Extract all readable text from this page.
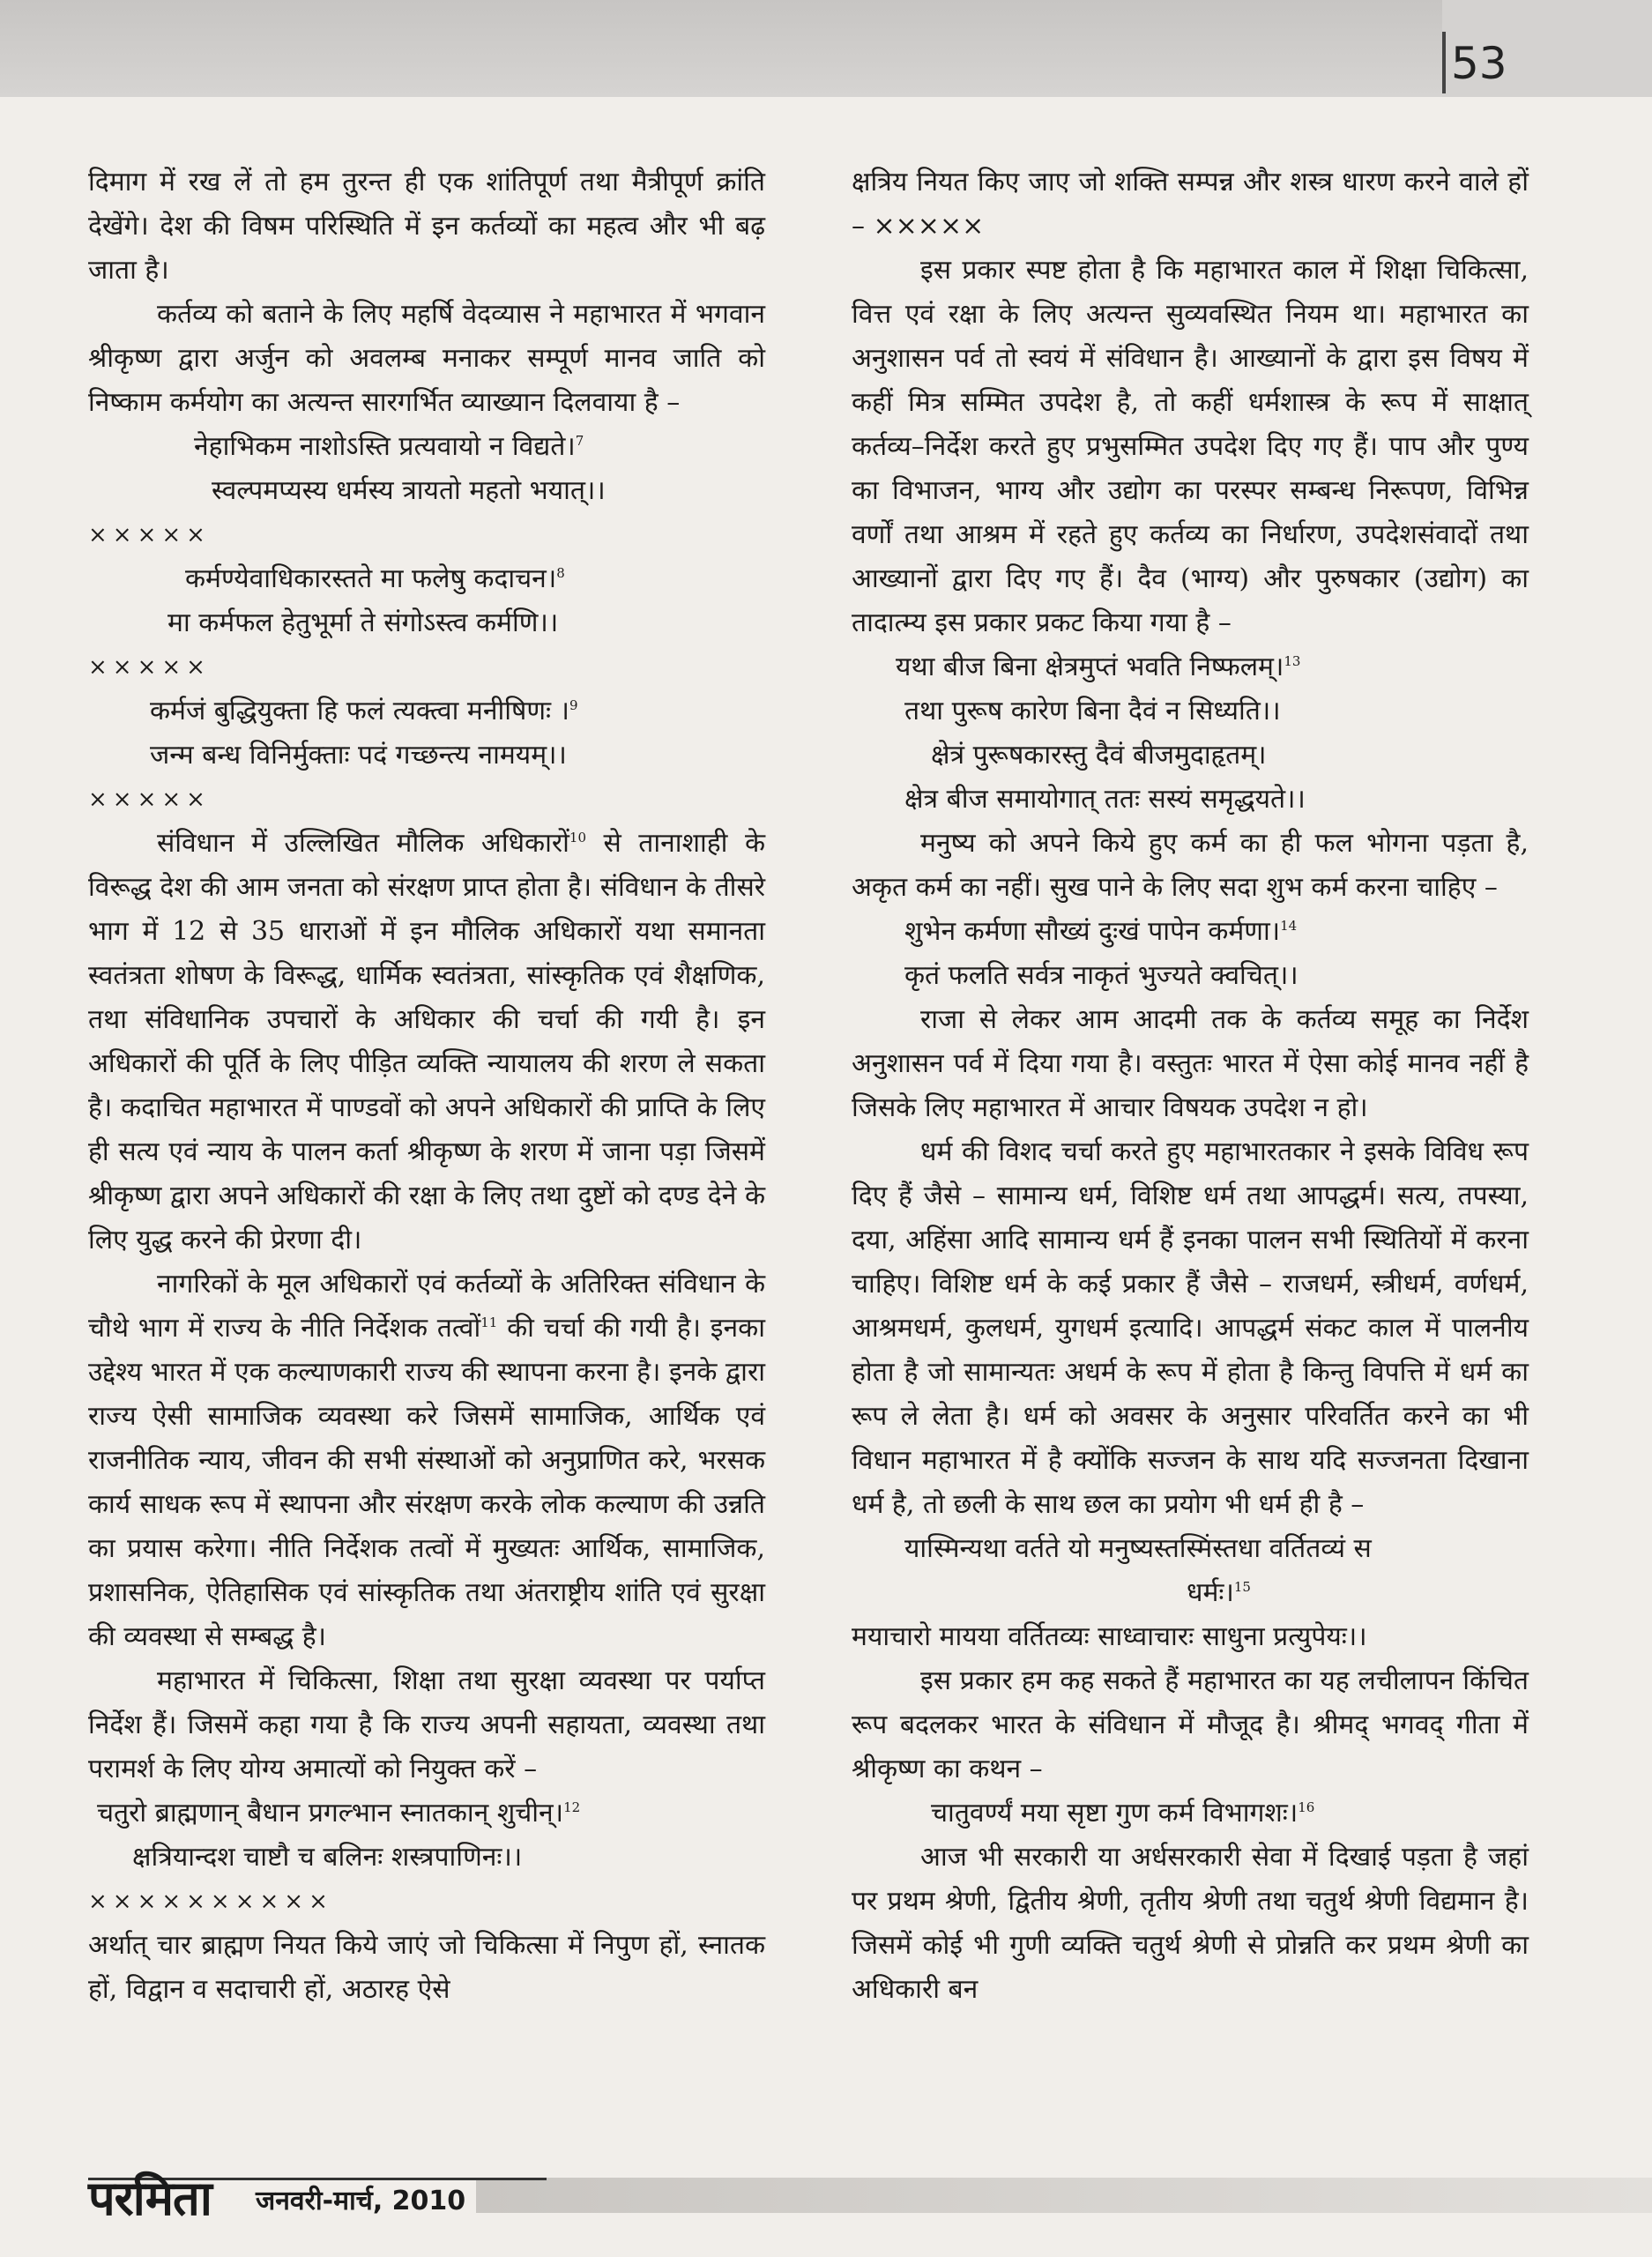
53

दिमाग में रख लें तो हम तुरन्त ही एक शांतिपूर्ण तथा मैत्रीपूर्ण क्रांति देखेंगे। देश की विषम परिस्थिति में इन कर्तव्यों का महत्व और भी बढ़ जाता है।

कर्तव्य को बताने के लिए महर्षि वेदव्यास ने महाभारत में भगवान श्रीकृष्ण द्वारा अर्जुन को अवलम्ब मनाकर सम्पूर्ण मानव जाति को निष्काम कर्मयोग का अत्यन्त सारगर्भित व्याख्यान दिलवाया है –

नेहाभिकम नाशोऽस्ति प्रत्यवायो न विद्यते।$^7$

स्वल्पमप्यस्य धर्मस्य त्रायतो महतो भयात्।।

×××××

कर्मण्येवाधिकारस्तते मा फलेषु कदाचन।$^8$

मा कर्मफल हेतुभूर्मा ते संगोऽस्त्व कर्मणि।।

×××××

कर्मजं बुद्धियुक्ता हि फलं त्यक्त्वा मनीषिणः ।$^9$

जन्म बन्ध विनिर्मुक्ताः पदं गच्छन्त्य नामयम्।।

×××××

संविधान में उल्लिखित मौलिक अधिकारों$^{10}$ से तानाशाही के विरूद्ध देश की आम जनता को संरक्षण प्राप्त होता है। संविधान के तीसरे भाग में 12 से 35 धाराओं में इन मौलिक अधिकारों यथा समानता स्वतंत्रता शोषण के विरूद्ध, धार्मिक स्वतंत्रता, सांस्कृतिक एवं शैक्षणिक, तथा संविधानिक उपचारों के अधिकार की चर्चा की गयी है। इन अधिकारों की पूर्ति के लिए पीड़ित व्यक्ति न्यायालय की शरण ले सकता है। कदाचित महाभारत में पाण्डवों को अपने अधिकारों की प्राप्ति के लिए ही सत्य एवं न्याय के पालन कर्ता श्रीकृष्ण के शरण में जाना पड़ा जिसमें श्रीकृष्ण द्वारा अपने अधिकारों की रक्षा के लिए तथा दुष्टों को दण्ड देने के लिए युद्ध करने की प्रेरणा दी।

नागरिकों के मूल अधिकारों एवं कर्तव्यों के अतिरिक्त संविधान के चौथे भाग में राज्य के नीति निर्देशक तत्वों$^{11}$ की चर्चा की गयी है। इनका उद्देश्य भारत में एक कल्याणकारी राज्य की स्थापना करना है। इनके द्वारा राज्य ऐसी सामाजिक व्यवस्था करे जिसमें सामाजिक, आर्थिक एवं राजनीतिक न्याय, जीवन की सभी संस्थाओं को अनुप्राणित करे, भरसक कार्य साधक रूप में स्थापना और संरक्षण करके लोक कल्याण की उन्नति का प्रयास करेगा। नीति निर्देशक तत्वों में मुख्यतः आर्थिक, सामाजिक, प्रशासनिक, ऐतिहासिक एवं सांस्कृतिक तथा अंतराष्ट्रीय शांति एवं सुरक्षा की व्यवस्था से सम्बद्ध है।

महाभारत में चिकित्सा, शिक्षा तथा सुरक्षा व्यवस्था पर पर्याप्त निर्देश हैं। जिसमें कहा गया है कि राज्य अपनी सहायता, व्यवस्था तथा परामर्श के लिए योग्य अमात्यों को नियुक्त करें –

चतुरो ब्राह्मणान् बैधान प्रगल्भान स्नातकान् शुचीन्।$^{12}$

क्षत्रियान्दश चाष्टौ च बलिनः शस्त्रपाणिनः।।

××××××××××

अर्थात् चार ब्राह्मण नियत किये जाएं जो चिकित्सा में निपुण हों, स्नातक हों, विद्वान व सदाचारी हों, अठारह ऐसे

क्षत्रिय नियत किए जाए जो शक्ति सम्पन्न और शस्त्र धारण करने वाले हों – ×××××

इस प्रकार स्पष्ट होता है कि महाभारत काल में शिक्षा चिकित्सा, वित्त एवं रक्षा के लिए अत्यन्त सुव्यवस्थित नियम था। महाभारत का अनुशासन पर्व तो स्वयं में संविधान है। आख्यानों के द्वारा इस विषय में कहीं मित्र सम्मित उपदेश है, तो कहीं धर्मशास्त्र के रूप में साक्षात् कर्तव्य–निर्देश करते हुए प्रभुसम्मित उपदेश दिए गए हैं। पाप और पुण्य का विभाजन, भाग्य और उद्योग का परस्पर सम्बन्ध निरूपण, विभिन्न वर्णों तथा आश्रम में रहते हुए कर्तव्य का निर्धारण, उपदेशसंवादों तथा आख्यानों द्वारा दिए गए हैं। दैव (भाग्य) और पुरुषकार (उद्योग) का तादात्म्य इस प्रकार प्रकट किया गया है –

यथा बीज बिना क्षेत्रमुप्तं भवति निष्फलम्।$^{13}$

तथा पुरूष कारेण बिना दैवं न सिध्यति।।

क्षेत्रं पुरूषकारस्तु दैवं बीजमुदाहृतम्।

क्षेत्र बीज समायोगात् ततः सस्यं समृद्धयते।।

मनुष्य को अपने किये हुए कर्म का ही फल भोगना पड़ता है, अकृत कर्म का नहीं। सुख पाने के लिए सदा शुभ कर्म करना चाहिए –

शुभेन कर्मणा सौख्यं दुःखं पापेन कर्मणा।$^{14}$

कृतं फलति सर्वत्र नाकृतं भुज्यते क्वचित्।।

राजा से लेकर आम आदमी तक के कर्तव्य समूह का निर्देश अनुशासन पर्व में दिया गया है। वस्तुतः भारत में ऐसा कोई मानव नहीं है जिसके लिए महाभारत में आचार विषयक उपदेश न हो।

धर्म की विशद चर्चा करते हुए महाभारतकार ने इसके विविध रूप दिए हैं जैसे – सामान्य धर्म, विशिष्ट धर्म तथा आपद्धर्म। सत्य, तपस्या, दया, अहिंसा आदि सामान्य धर्म हैं इनका पालन सभी स्थितियों में करना चाहिए। विशिष्ट धर्म के कई प्रकार हैं जैसे – राजधर्म, स्त्रीधर्म, वर्णधर्म, आश्रमधर्म, कुलधर्म, युगधर्म इत्यादि। आपद्धर्म संकट काल में पालनीय होता है जो सामान्यतः अधर्म के रूप में होता है किन्तु विपत्ति में धर्म का रूप ले लेता है। धर्म को अवसर के अनुसार परिवर्तित करने का भी विधान महाभारत में है क्योंकि सज्जन के साथ यदि सज्जनता दिखाना धर्म है, तो छली के साथ छल का प्रयोग भी धर्म ही है –

यास्मिन्यथा वर्तते यो मनुष्यस्तस्मिंस्तधा वर्तितव्यं स

धर्मः।$^{15}$

मयाचारो मायया वर्तितव्यः साध्वाचारः साधुना प्रत्युपेयः।।

इस प्रकार हम कह सकते हैं महाभारत का यह लचीलापन किंचित रूप बदलकर भारत के संविधान में मौजूद है। श्रीमद् भगवद् गीता में श्रीकृष्ण का कथन –

चातुवर्ण्यं मया सृष्टा गुण कर्म विभागशः।$^{16}$

आज भी सरकारी या अर्धसरकारी सेवा में दिखाई पड़ता है जहां पर प्रथम श्रेणी, द्वितीय श्रेणी, तृतीय श्रेणी तथा चतुर्थ श्रेणी विद्यमान है। जिसमें कोई भी गुणी व्यक्ति चतुर्थ श्रेणी से प्रोन्नति कर प्रथम श्रेणी का अधिकारी बन

परमिता जनवरी-मार्च, 2010
